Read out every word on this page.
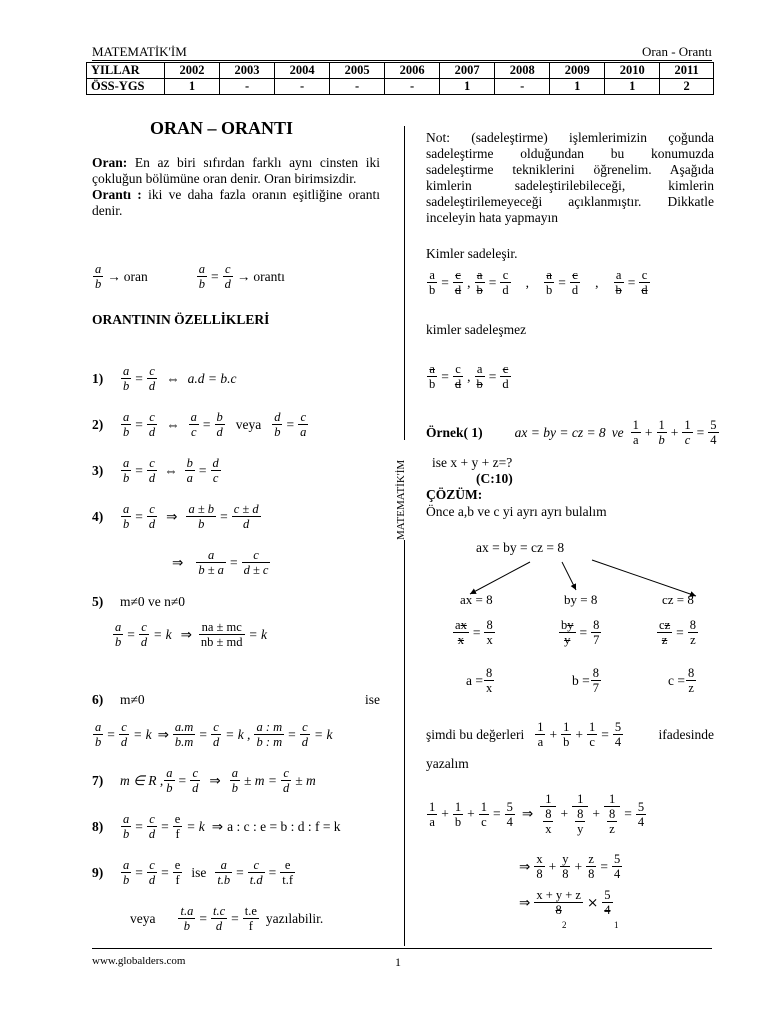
MATEMATİK'İM	Oran - Orantı
YILLAR	2002	2003	2004	2005	2006	2007	2008	2009	2010	2011
ÖSS-YGS	1	-	-	-	-	1	-	1	1	2
MATEMATİK'İM
ORAN – ORANTI

Oran: En az biri sıfırdan farklı aynı cinsten iki çokluğun bölümüne oran denir. Oran birimsizdir.

Orantı : iki ve daha fazla oranın eşitliğine orantı denir.

$\frac{a}{b}$ → oran	$\frac{a}{b} = \frac{c}{d}$ → orantı
ORANTININ ÖZELLİKLERİ
1)	$\frac{a}{b} = \frac{c}{d}$ ⇔ a.d = b.c
2)	$\frac{a}{b} = \frac{c}{d}$ ⇔ $\frac{a}{c} = \frac{b}{d}$ veya $\frac{d}{b} = \frac{c}{a}$
3)	$\frac{a}{b} = \frac{c}{d}$ ⇔ $\frac{b}{a} = \frac{d}{c}$
4)	$\frac{a}{b} = \frac{c}{d}$ ⇒ $\frac{a \pm b}{b} = \frac{c \pm d}{d}$
⇒ $\frac{a}{b \pm a} = \frac{c}{d \pm c}$
5)	m≠0 ve n≠0
$\frac{a}{b} = \frac{c}{d} = k$ ⇒ $\frac{na \pm mc}{nb \pm md} = k$
6)	m≠0	ise
$\frac{a}{b} = \frac{c}{d} = k$ ⇒ $\frac{a.m}{b.m} = \frac{c}{d} = k$ , $\frac{a : m}{b : m} = \frac{c}{d} = k$
7)	m ∈ R , $\frac{a}{b} = \frac{c}{d}$ ⇒ $\frac{a}{b} \pm m = \frac{c}{d} \pm m$
8)	$\frac{a}{b} = \frac{c}{d} = \frac{e}{f} = k$ ⇒ a : c : e = b : d : f = k
9)	$\frac{a}{b} = \frac{c}{d} = \frac{e}{f}$ ise $\frac{a}{t.b} = \frac{c}{t.d} = \frac{e}{t.f}$
veya $\frac{t.a}{b} = \frac{t.c}{d} = \frac{t.e}{f}$ yazılabilir.

Not: (sadeleştirme) işlemlerimizin çoğunda sadeleştirme olduğundan bu konumuzda sadeleştirme tekniklerini öğrenelim. Aşağıda kimlerin sadeleştirilebileceği, kimlerin sadeleştirilemeyeceği açıklanmıştır. Dikkatle inceleyin hata yapmayın

Kimler sadeleşir.
$\frac{a}{b} = \frac{c}{d}$ , $\frac{a}{b} = \frac{c}{d}$ , $\frac{a}{b} = \frac{c}{d}$ , $\frac{a}{b} = \frac{c}{d}$
kimler sadeleşmez
$\frac{a}{b} = \frac{c}{d}$ , $\frac{a}{b} = \frac{c}{d}$
Örnek( 1) ax = by = cz = 8 ve $\frac{1}{a} + \frac{1}{b} + \frac{1}{c} = \frac{5}{4}$
ise x + y + z=?
(C:10)
ÇÖZÜM:
Önce a,b ve c yi ayrı ayrı bulalım
ax = by = cz = 8
ax = 8	by = 8	cz = 8
$\frac{ax}{x} = \frac{8}{x}$	$\frac{by}{y} = \frac{8}{7}$	$\frac{cz}{z} = \frac{8}{z}$
$a = \frac{8}{x}$	$b = \frac{8}{7}$	$c = \frac{8}{z}$
şimdi bu değerleri $\frac{1}{a} + \frac{1}{b} + \frac{1}{c} = \frac{5}{4}$	ifadesinde
yazalım
$\frac{1}{a} + \frac{1}{b} + \frac{1}{c} = \frac{5}{4}$ ⇒ $\frac{1}{\frac{8}{x}} + \frac{1}{\frac{8}{y}} + \frac{1}{\frac{8}{z}} = \frac{5}{4}$
⇒ $\frac{x}{8} + \frac{y}{8} + \frac{z}{8} = \frac{5}{4}$
⇒ $\frac{x + y + z}{8}$ ⨯ $\frac{5}{4}$
2	1
www.globalders.com	1
